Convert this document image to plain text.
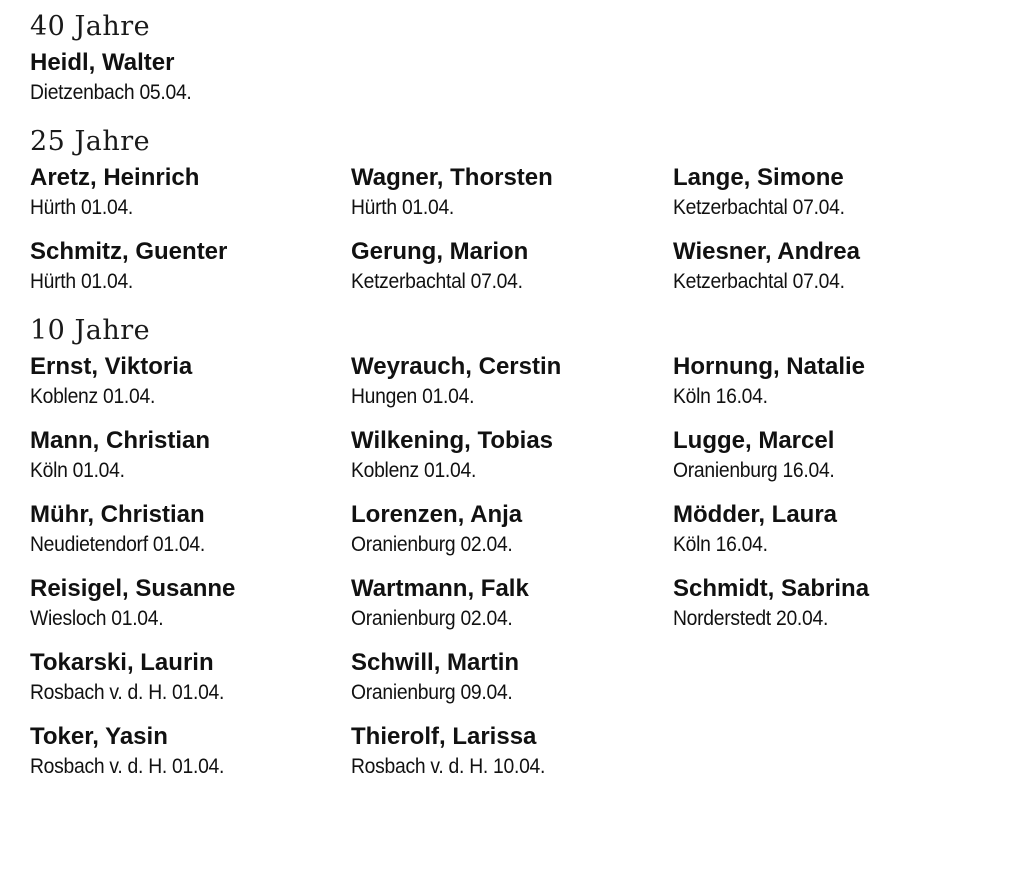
40 Jahre
Heidl, Walter
Dietzenbach 05.04.
25 Jahre
Aretz, Heinrich
Hürth 01.04.
Wagner, Thorsten
Hürth 01.04.
Lange, Simone
Ketzerbachtal 07.04.
Schmitz, Guenter
Hürth 01.04.
Gerung, Marion
Ketzerbachtal 07.04.
Wiesner, Andrea
Ketzerbachtal 07.04.
10 Jahre
Ernst, Viktoria
Koblenz 01.04.
Weyrauch, Cerstin
Hungen 01.04.
Hornung, Natalie
Köln 16.04.
Mann, Christian
Köln 01.04.
Wilkening, Tobias
Koblenz 01.04.
Lugge, Marcel
Oranienburg 16.04.
Mühr, Christian
Neudietendorf 01.04.
Lorenzen, Anja
Oranienburg 02.04.
Mödder, Laura
Köln 16.04.
Reisigel, Susanne
Wiesloch 01.04.
Wartmann, Falk
Oranienburg 02.04.
Schmidt, Sabrina
Norderstedt 20.04.
Tokarski, Laurin
Rosbach v. d. H. 01.04.
Schwill, Martin
Oranienburg 09.04.
Toker, Yasin
Rosbach v. d. H. 01.04.
Thierolf, Larissa
Rosbach v. d. H. 10.04.
